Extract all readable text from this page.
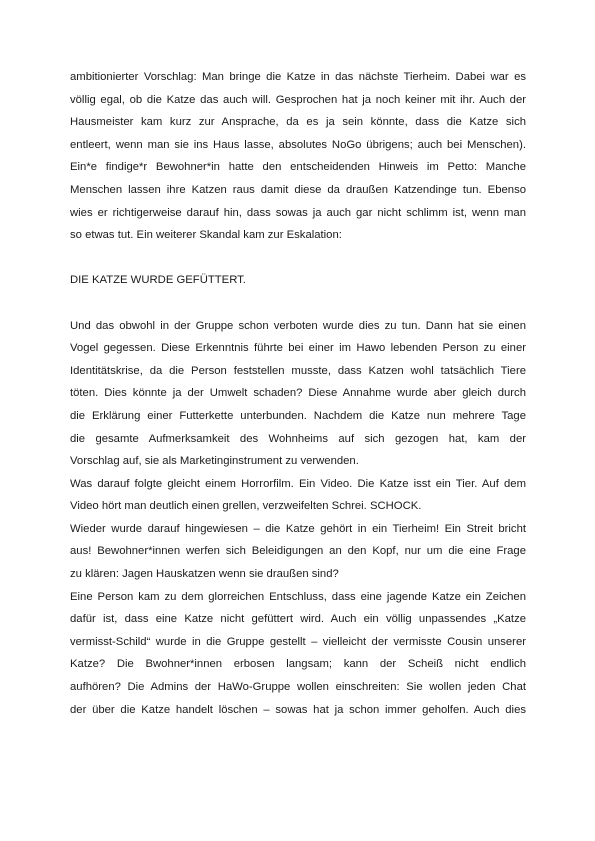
ambitionierter Vorschlag: Man bringe die Katze in das nächste Tierheim. Dabei war es
völlig egal, ob die Katze das auch will. Gesprochen hat ja noch keiner mit ihr. Auch der
Hausmeister kam kurz zur Ansprache, da es ja sein könnte, dass die Katze sich
entleert, wenn man sie ins Haus lasse, absolutes NoGo übrigens; auch bei Menschen).
Ein*e findige*r Bewohner*in hatte den entscheidenden Hinweis im Petto: Manche
Menschen lassen ihre Katzen raus damit diese da draußen Katzendinge tun. Ebenso
wies er richtigerweise darauf hin, dass sowas ja auch gar nicht schlimm ist, wenn man
so etwas tut. Ein weiterer Skandal kam zur Eskalation:
DIE KATZE WURDE GEFÜTTERT.
Und das obwohl in der Gruppe schon verboten wurde dies zu tun. Dann hat sie einen
Vogel gegessen. Diese Erkenntnis führte bei einer im Hawo lebenden Person zu einer
Identitätskrise, da die Person feststellen musste, dass Katzen wohl tatsächlich Tiere
töten. Dies könnte ja der Umwelt schaden? Diese Annahme wurde aber gleich durch
die Erklärung einer Futterkette unterbunden. Nachdem die Katze nun mehrere Tage
die gesamte Aufmerksamkeit des Wohnheims auf sich gezogen hat, kam der
Vorschlag auf, sie als Marketinginstrument zu verwenden.
Was darauf folgte gleicht einem Horrorfilm. Ein Video. Die Katze isst ein Tier. Auf dem
Video hört man deutlich einen grellen, verzweifelten Schrei. SCHOCK.
Wieder wurde darauf hingewiesen – die Katze gehört in ein Tierheim! Ein Streit bricht
aus! Bewohner*innen werfen sich Beleidigungen an den Kopf, nur um die eine Frage
zu klären: Jagen Hauskatzen wenn sie draußen sind?
Eine Person kam zu dem glorreichen Entschluss, dass eine jagende Katze ein Zeichen
dafür ist, dass eine Katze nicht gefüttert wird. Auch ein völlig unpassendes „Katze
vermisst-Schild“ wurde in die Gruppe gestellt – vielleicht der vermisste Cousin unserer
Katze? Die Bwohner*innen erbosen langsam; kann der Scheiß nicht endlich
aufhören? Die Admins der HaWo-Gruppe wollen einschreiten: Sie wollen jeden Chat
der über die Katze handelt löschen – sowas hat ja schon immer geholfen. Auch dies
